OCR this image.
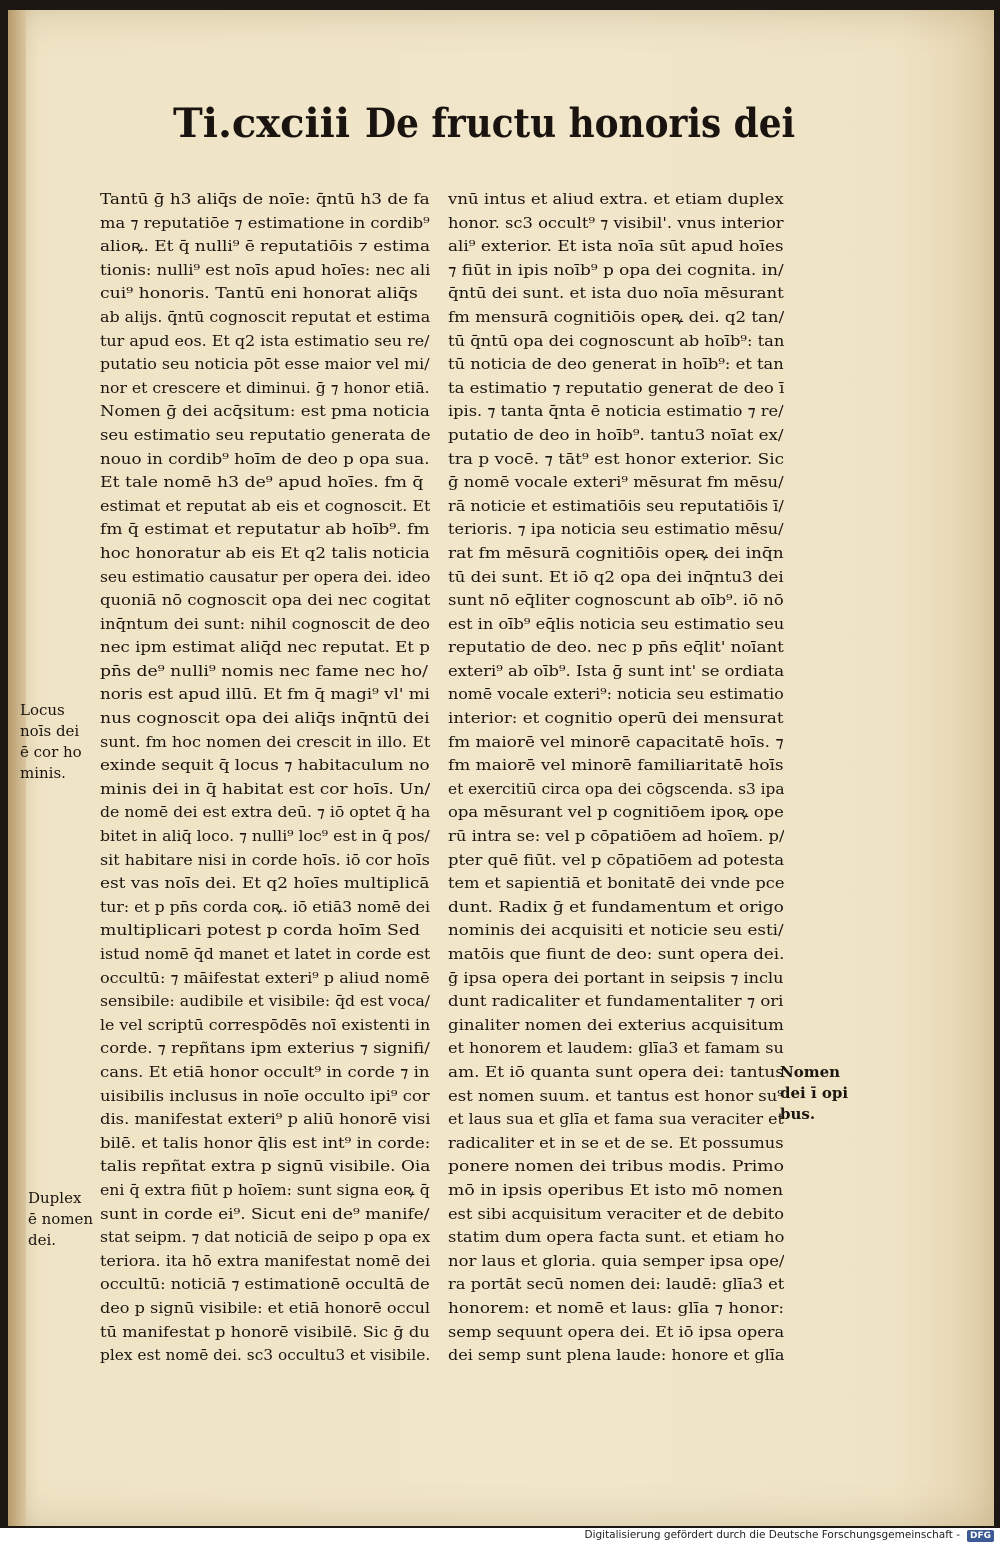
Ti.cxciii De fructu honoris dei
Tantū ḡ h3 aliq̄s de noīe: q̄ntū h3 de fa
ma ⁊ reputatiōe ⁊ estimatione in cordib⁹
alioꝶ. Et q̄ nulli⁹ ē reputatiōis ⁊ estima
tionis: nulli⁹ est noīs apud hoīes: nec ali
cui⁹ honoris. Tantū eni honorat aliq̄s
ab alijs. q̄ntū cognoscit reputat et estima
tur apud eos. Et q2 ista estimatio seu re/
putatio seu noticia pōt esse maior vel mi/
nor et crescere et diminui. ḡ ⁊ honor etiā.
Nomen ḡ dei acq̄situm: est pma noticia
seu estimatio seu reputatio generata de
nouo in cordib⁹ hoīm de deo p opa sua.
Et tale nomē h3 de⁹ apud hoīes. fm q̄
estimat et reputat ab eis et cognoscit. Et
fm q̄ estimat et reputatur ab hoīb⁹. fm
hoc honoratur ab eis Et q2 talis noticia
seu estimatio causatur per opera dei. ideo
quoniā nō cognoscit opa dei nec cogitat
inq̄ntum dei sunt: nihil cognoscit de deo
nec ipm estimat aliq̄d nec reputat. Et p
pn̄s de⁹ nulli⁹ nomis nec fame nec ho/
noris est apud illū. Et fm q̄ magi⁹ vl' mi
nus cognoscit opa dei aliq̄s inq̄ntū dei
sunt. fm hoc nomen dei crescit in illo. Et
exinde sequit q̄ locus ⁊ habitaculum no
minis dei in q̄ habitat est cor hoīs. Un/
de nomē dei est extra deū. ⁊ iō optet q̄ ha
bitet in aliq̄ loco. ⁊ nulli⁹ loc⁹ est in q̄ pos/
sit habitare nisi in corde hoīs. iō cor hoīs
est vas noīs dei. Et q2 hoīes multiplicā
tur: et p pn̄s corda coꝶ. iō etiā3 nomē dei
multiplicari potest p corda hoīm Sed
istud nomē q̄d manet et latet in corde est
occultū: ⁊ māifestat exteri⁹ p aliud nomē
sensibile: audibile et visibile: q̄d est voca/
le vel scriptū correspōdēs noī existenti in
corde. ⁊ repñtans ipm exterius ⁊ signifi/
cans. Et etiā honor occult⁹ in corde ⁊ in
uisibilis inclusus in noīe occulto ipi⁹ cor
dis. manifestat exteri⁹ p aliū honorē visi
bilē. et talis honor q̄lis est int⁹ in corde:
talis repñtat extra p signū visibile. Oia
eni q̄ extra fiūt p hoīem: sunt signa eoꝶ q̄
sunt in corde ei⁹. Sicut eni de⁹ manife/
stat seipm. ⁊ dat noticiā de seipo p opa ex
teriora. ita hō extra manifestat nomē dei
occultū: noticiā ⁊ estimationē occultā de
deo p signū visibile: et etiā honorē occul
tū manifestat p honorē visibilē. Sic ḡ du
plex est nomē dei. sc3 occultu3 et visibile.
vnū intus et aliud extra. et etiam duplex
honor. sc3 occult⁹ ⁊ visibil'. vnus interior
ali⁹ exterior. Et ista noīa sūt apud hoīes
⁊ fiūt in ipis noīb⁹ p opa dei cognita. in/
q̄ntū dei sunt. et ista duo noīa mēsurant
fm mensurā cognitiōis opeꝶ dei. q2 tan/
tū q̄ntū opa dei cognoscunt ab hoīb⁹: tan
tū noticia de deo generat in hoīb⁹: et tan
ta estimatio ⁊ reputatio generat de deo ī
ipis. ⁊ tanta q̄nta ē noticia estimatio ⁊ re/
putatio de deo in hoīb⁹. tantu3 noīat ex/
tra p vocē. ⁊ tāt⁹ est honor exterior. Sic
ḡ nomē vocale exteri⁹ mēsurat fm mēsu/
rā noticie et estimatiōis seu reputatiōis ī/
terioris. ⁊ ipa noticia seu estimatio mēsu/
rat fm mēsurā cognitiōis opeꝶ dei inq̄n
tū dei sunt. Et iō q2 opa dei inq̄ntu3 dei
sunt nō eq̄liter cognoscunt ab oīb⁹. iō nō
est in oīb⁹ eq̄lis noticia seu estimatio seu
reputatio de deo. nec p pn̄s eq̄lit' noīant
exteri⁹ ab oīb⁹. Ista ḡ sunt int' se ordiata
nomē vocale exteri⁹: noticia seu estimatio
interior: et cognitio operū dei mensurat
fm maiorē vel minorē capacitatē hoīs. ⁊
fm maiorē vel minorē familiaritatē hoīs
et exercitiū circa opa dei cōgscenda. s3 ipa
opa mēsurant vel p cognitiōem ipoꝶ ope
rū intra se: vel p cōpatiōem ad hoīem. p/
pter quē fiūt. vel p cōpatiōem ad potesta
tem et sapientiā et bonitatē dei vnde pce
dunt. Radix ḡ et fundamentum et origo
nominis dei acquisiti et noticie seu esti/
matōis que fiunt de deo: sunt opera dei.
ḡ ipsa opera dei portant in seipsis ⁊ inclu
dunt radicaliter et fundamentaliter ⁊ ori
ginaliter nomen dei exterius acquisitum
et honorem et laudem: glīa3 et famam su
am. Et iō quanta sunt opera dei: tantus
est nomen suum. et tantus est honor su⁹
et laus sua et glīa et fama sua veraciter et
radicaliter et in se et de se. Et possumus
ponere nomen dei tribus modis. Primo
mō in ipsis operibus Et isto mō nomen
est sibi acquisitum veraciter et de debito
statim dum opera facta sunt. et etiam ho
nor laus et gloria. quia semper ipsa ope/
ra portāt secū nomen dei: laudē: glīa3 et
honorem: et nomē et laus: glīa ⁊ honor:
semp sequunt opera dei. Et iō ipsa opera
dei semp sunt plena laude: honore et glīa
Locus
noīs dei
ē cor ho
minis.
Duplex
ē nomen
dei.
Nomen
dei ī opi
bus.
Digitalisierung gefördert durch die Deutsche Forschungsgemeinschaft -	DFG
